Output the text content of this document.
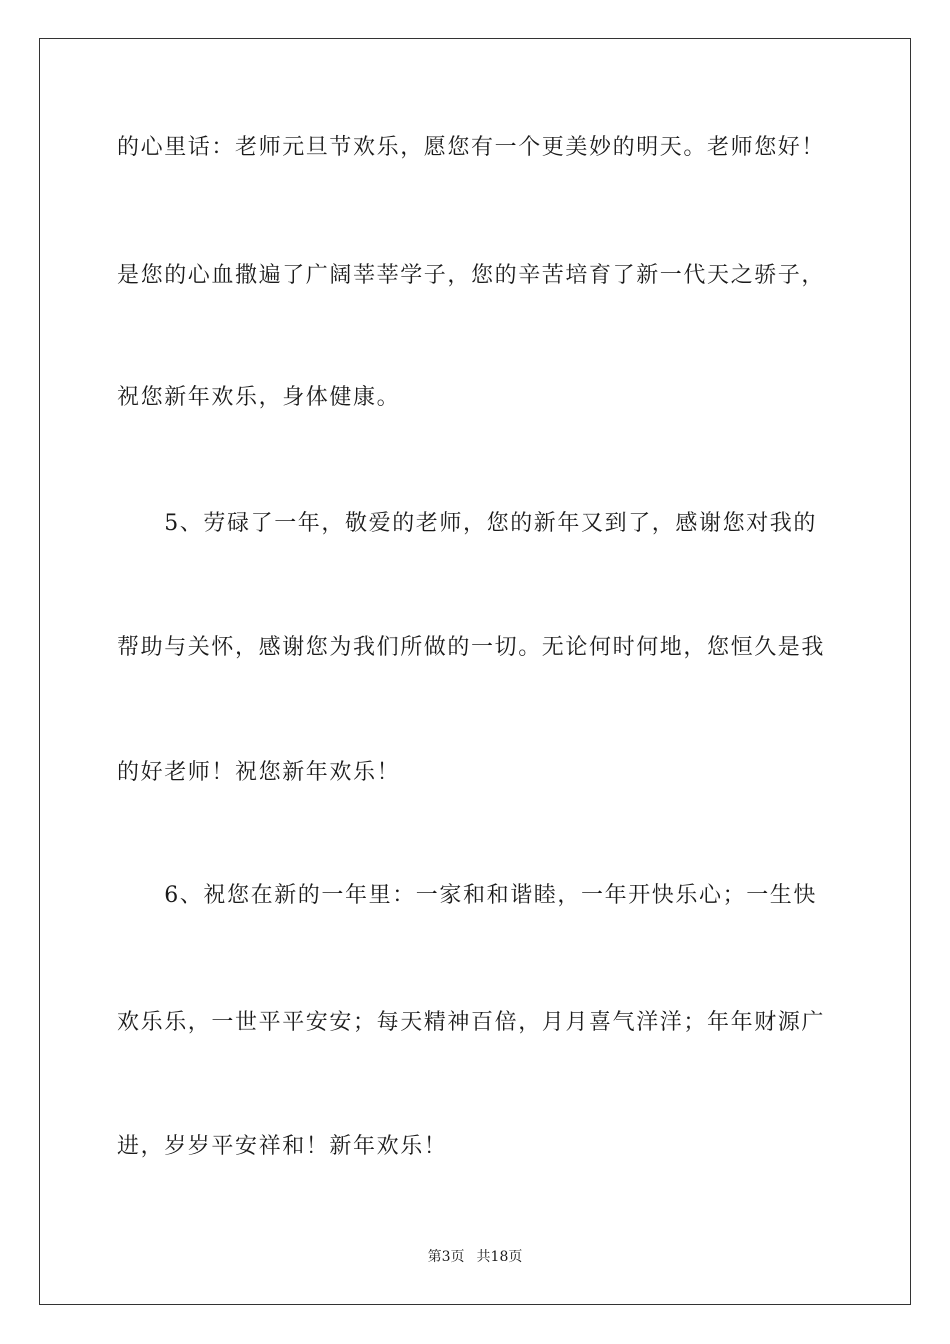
的心里话：老师元旦节欢乐，愿您有一个更美妙的明天。老师您好！
是您的心血撒遍了广阔莘莘学子，您的辛苦培育了新一代天之骄子，
祝您新年欢乐，身体健康。
　　5、劳碌了一年，敬爱的老师，您的新年又到了，感谢您对我的
帮助与关怀，感谢您为我们所做的一切。无论何时何地，您恒久是我
的好老师！祝您新年欢乐！
　　6、祝您在新的一年里：一家和和谐睦，一年开快乐心；一生快
欢乐乐，一世平平安安；每天精神百倍，月月喜气洋洋；年年财源广
进，岁岁平安祥和！新年欢乐！
第3页 共18页
